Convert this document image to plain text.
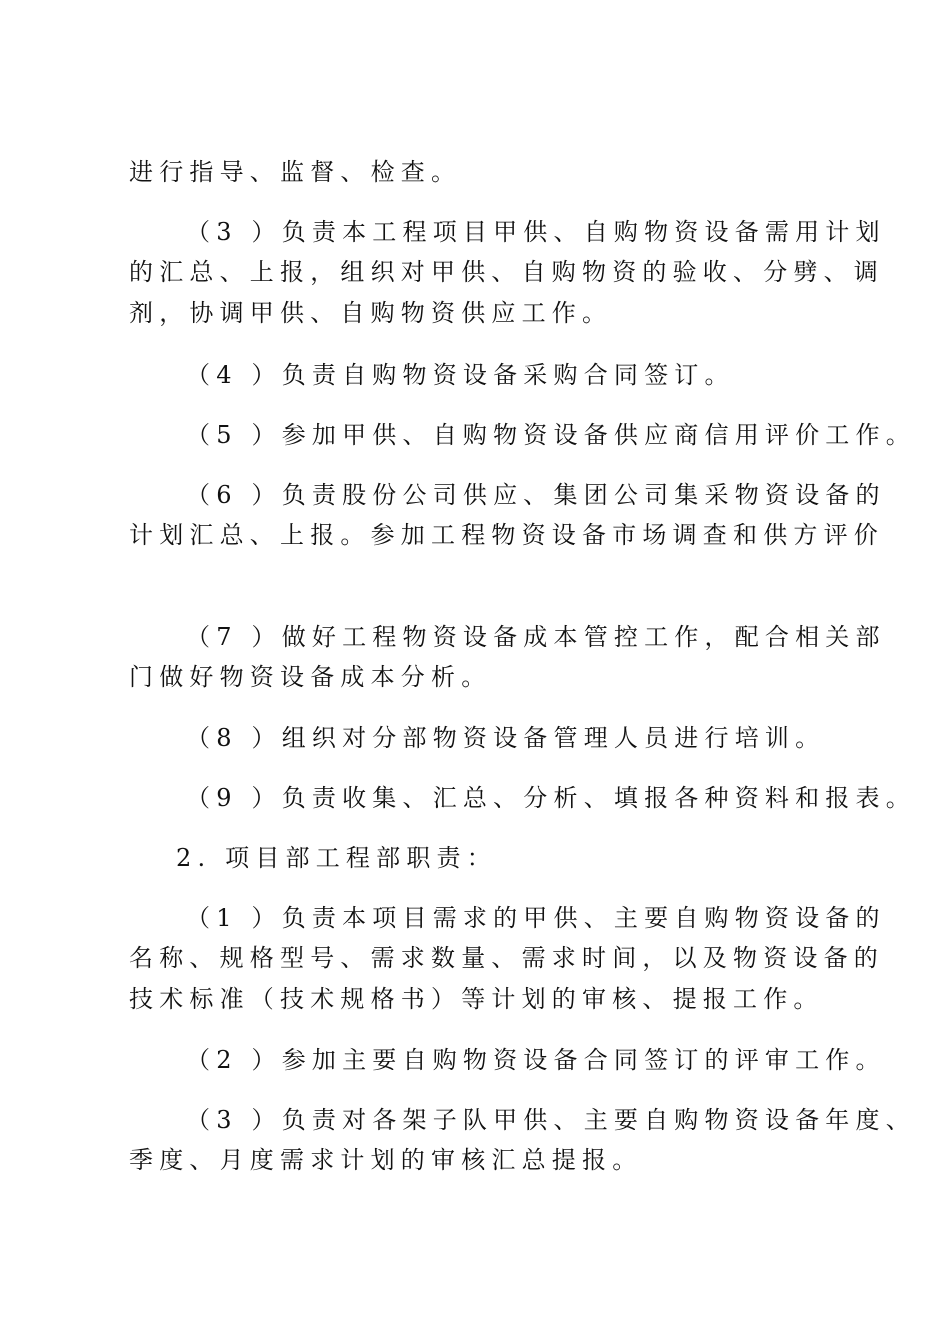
进行指导、监督、检查。
（3 ）负责本工程项目甲供、自购物资设备需用计划
的汇总、上报，组织对甲供、自购物资的验收、分劈、调
剂，协调甲供、自购物资供应工作。
（4 ）负责自购物资设备采购合同签订。
（5 ）参加甲供、自购物资设备供应商信用评价工作。
（6 ）负责股份公司供应、集团公司集采物资设备的
计划汇总、上报。参加工程物资设备市场调查和供方评价
（7 ）做好工程物资设备成本管控工作，配合相关部
门做好物资设备成本分析。
（8 ）组织对分部物资设备管理人员进行培训。
（9 ）负责收集、汇总、分析、填报各种资料和报表。
2. 项目部工程部职责：
（1 ）负责本项目需求的甲供、主要自购物资设备的
名称、规格型号、需求数量、需求时间，以及物资设备的
技术标准（技术规格书）等计划的审核、提报工作。
（2 ）参加主要自购物资设备合同签订的评审工作。
（3 ）负责对各架子队甲供、主要自购物资设备年度、
季度、月度需求计划的审核汇总提报。
